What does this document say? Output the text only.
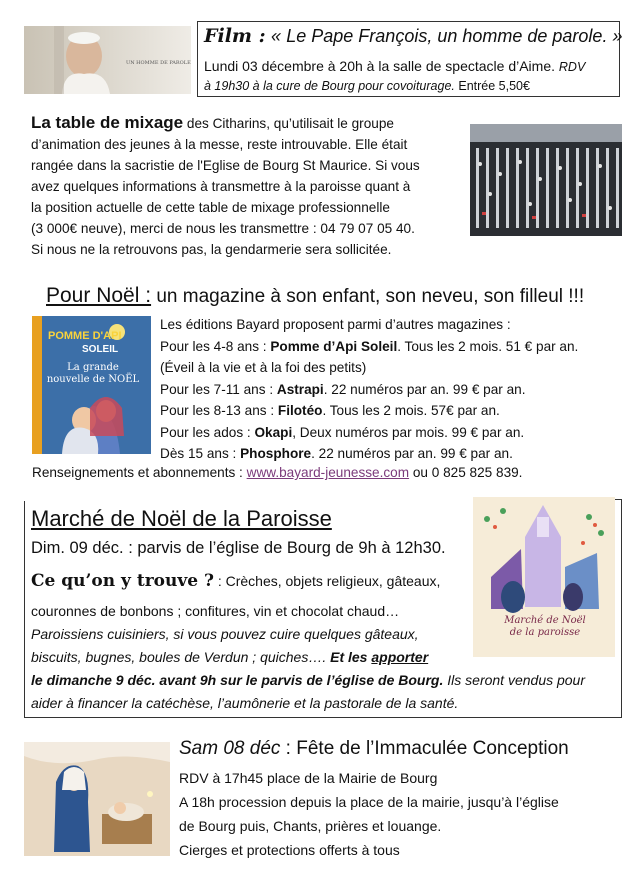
UN HOMME DE PAROLE
Film : « Le Pape François, un homme de parole. »
Lundi 03 décembre à 20h à la salle de spectacle d’Aime. RDV
à 19h30 à la cure de Bourg pour covoiturage. Entrée 5,50€
La table de mixage des Citharins, qu’utilisait le groupe
d’animation des jeunes à la messe, reste introuvable. Elle était
rangée dans la sacristie de l'Eglise de Bourg St Maurice. Si vous
avez quelques informations à transmettre à la paroisse quant à
la position actuelle de cette table de mixage professionnelle
(3 000€ neuve), merci de nous les transmettre : 04 79 07 05 40.
Si nous ne la retrouvons pas, la gendarmerie sera sollicitée.
Pour Noël : un magazine à son enfant, son neveu, son filleul !!!
POMME D'API
SOLEIL
La grande nouvelle de NOËL
Les éditions Bayard proposent parmi d’autres magazines :
Pour les 4-8 ans : Pomme d’Api Soleil. Tous les 2 mois. 51 € par an.
(Éveil à la vie et à la foi des petits)
Pour les 7-11 ans : Astrapi. 22 numéros par an. 99 € par an.
Pour les 8-13 ans : Filotéo. Tous les 2 mois. 57€ par an.
Pour les ados : Okapi, Deux numéros par mois. 99 € par an.
Dès 15 ans : Phosphore. 22 numéros par an. 99 € par an.
Renseignements et abonnements : www.bayard-jeunesse.com ou 0 825 825 839.
Marché de Noël de la Paroisse
Dim. 09 déc. : parvis de l’église de Bourg de 9h à 12h30.
Ce qu’on y trouve ? : Crèches, objets religieux, gâteaux,
couronnes de bonbons ; confitures, vin et chocolat chaud…
Paroissiens cuisiniers, si vous pouvez cuire quelques gâteaux,
biscuits, bugnes, boules de Verdun ; quiches…. Et les apporter
le dimanche 9 déc. avant 9h sur le parvis de l’église de Bourg. Ils seront vendus pour
aider à financer la catéchèse, l’aumônerie et la pastorale de la santé.
Marché de Noël de la paroisse
Sam 08 déc : Fête de l’Immaculée Conception
RDV à 17h45 place de la Mairie de Bourg
A 18h procession depuis la place de la mairie, jusqu’à l’église
de Bourg puis, Chants, prières et louange.
Cierges et protections offerts à tous
